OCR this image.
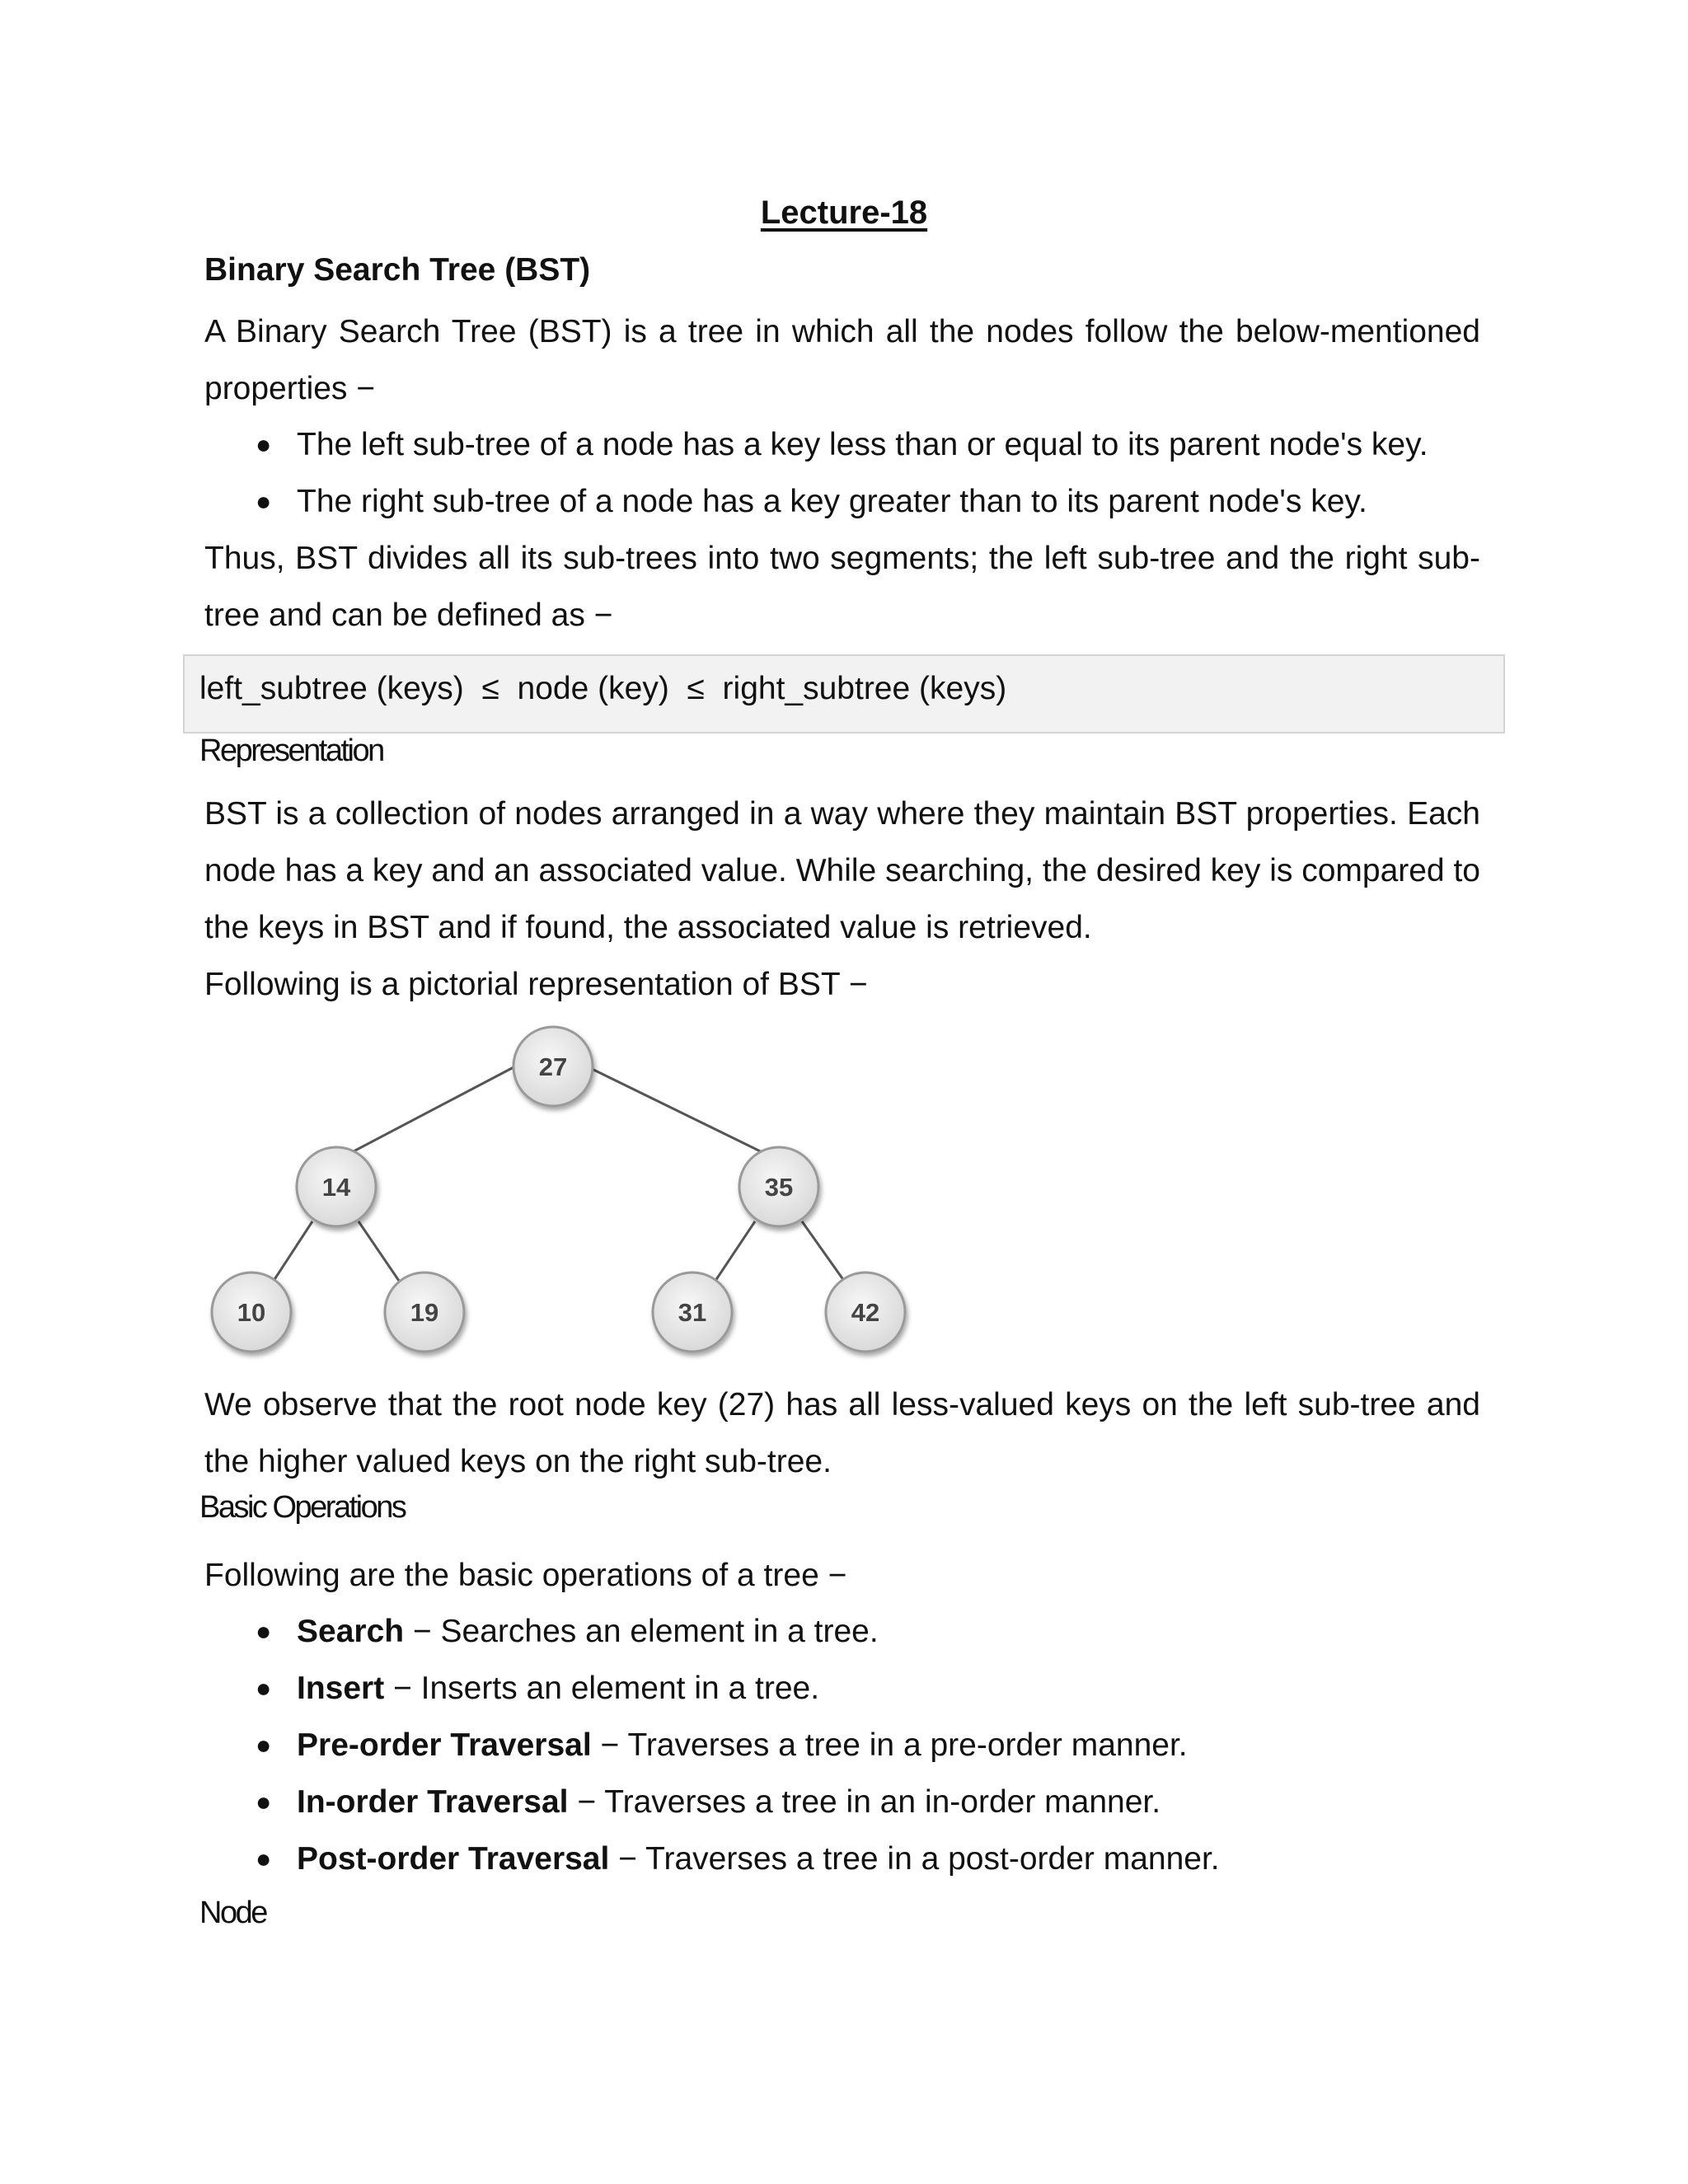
Lecture-18
Binary Search Tree (BST)
A Binary Search Tree (BST) is a tree in which all the nodes follow the below-mentioned properties −
● The left sub-tree of a node has a key less than or equal to its parent node's key.
● The right sub-tree of a node has a key greater than to its parent node's key.
Thus, BST divides all its sub-trees into two segments; the left sub-tree and the right sub-tree and can be defined as −
left_subtree (keys)  ≤  node (key)  ≤  right_subtree (keys)
Representation
BST is a collection of nodes arranged in a way where they maintain BST properties. Each node has a key and an associated value. While searching, the desired key is compared to the keys in BST and if found, the associated value is retrieved.
Following is a pictorial representation of BST −
27
14	35
10	19	31	42
We observe that the root node key (27) has all less-valued keys on the left sub-tree and the higher valued keys on the right sub-tree.
Basic Operations
Following are the basic operations of a tree −
● Search − Searches an element in a tree.
● Insert − Inserts an element in a tree.
● Pre-order Traversal − Traverses a tree in a pre-order manner.
● In-order Traversal − Traverses a tree in an in-order manner.
● Post-order Traversal − Traverses a tree in a post-order manner.
Node
